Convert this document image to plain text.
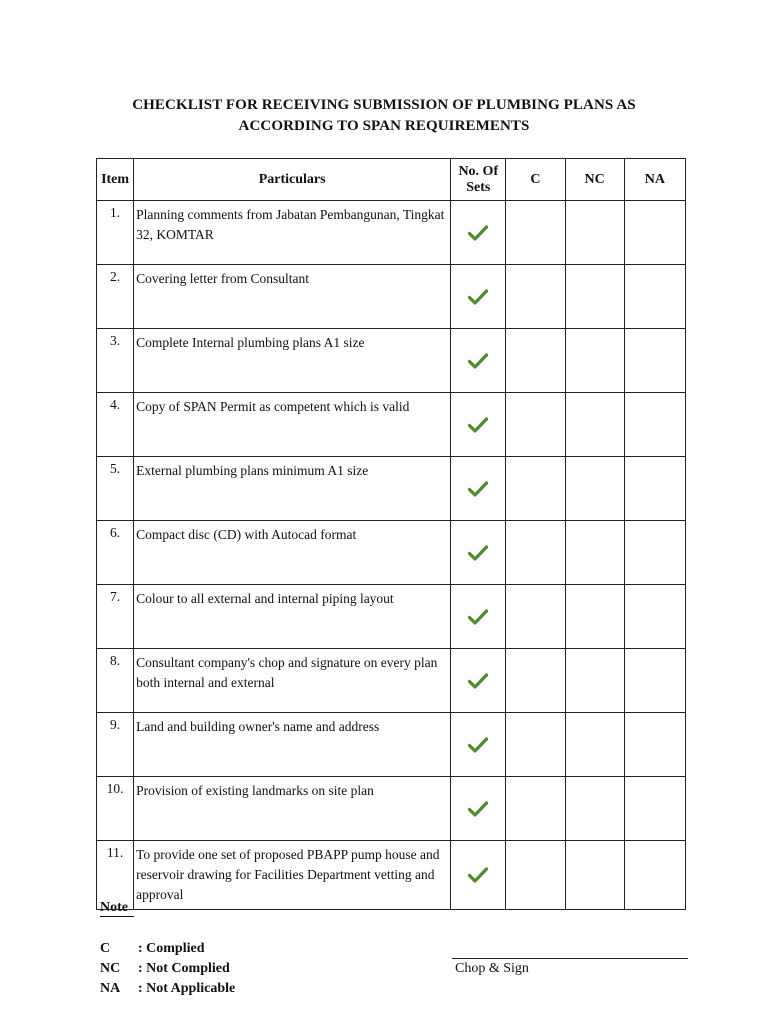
CHECKLIST FOR RECEIVING SUBMISSION OF PLUMBING PLANS AS
ACCORDING TO SPAN REQUIREMENTS
Item	Particulars	No. Of Sets	C	NC	NA
1.	Planning comments from Jabatan Pembangunan, Tingkat 32, KOMTAR				
2.	Covering letter from Consultant				
3.	Complete Internal plumbing plans A1 size				
4.	Copy of SPAN Permit as competent which is valid				
5.	External plumbing plans minimum A1 size				
6.	Compact disc (CD) with Autocad format				
7.	Colour to all external and internal piping layout				
8.	Consultant company's chop and signature on every plan both internal and external				
9.	Land and building owner's name and address				
10.	Provision of existing landmarks on site plan				
11.	To provide one set of proposed PBAPP pump house and reservoir drawing for Facilities Department vetting and approval				
Note
C	: Complied
NC	: Not Complied
NA	: Not Applicable
Chop & Sign
